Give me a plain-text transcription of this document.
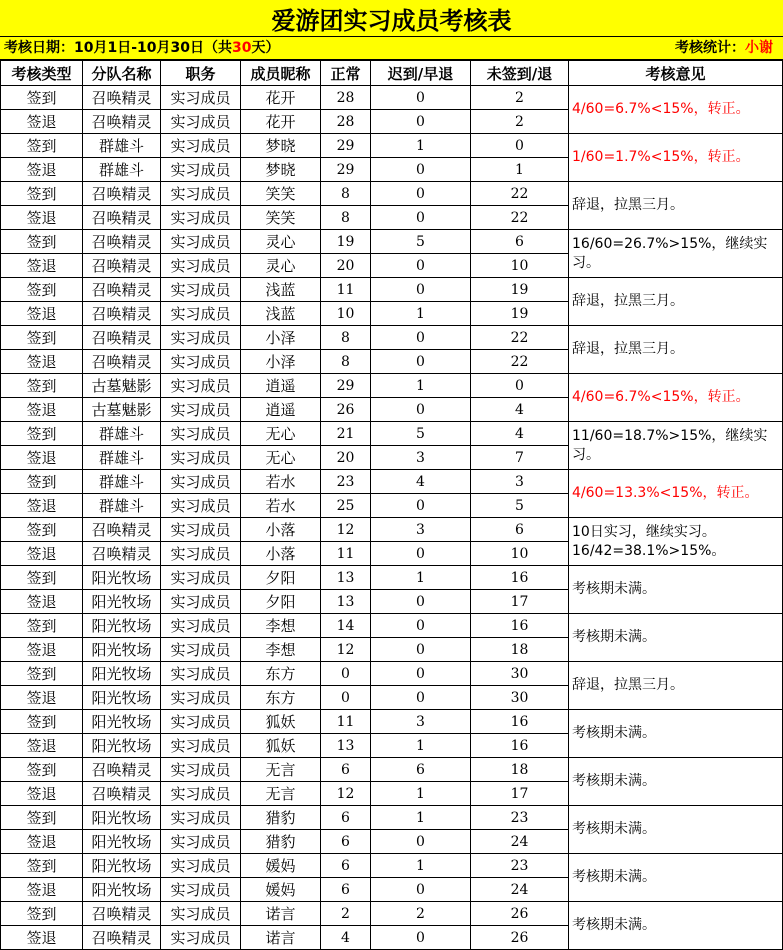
爱游团实习成员考核表
考核日期：10月1日-10月30日（共30天）	考核统计：小谢
考核类型	分队名称	职务	成员昵称	正常	迟到/早退	未签到/退	考核意见
签到	召唤精灵	实习成员	花开	28	0	2	4/60=6.7%<15%，转正。
签退	召唤精灵	实习成员	花开	28	0	2	
签到	群雄斗	实习成员	梦晓	29	1	0	1/60=1.7%<15%，转正。
签退	群雄斗	实习成员	梦晓	29	0	1	
签到	召唤精灵	实习成员	笑笑	8	0	22	辞退，拉黑三月。
签退	召唤精灵	实习成员	笑笑	8	0	22	
签到	召唤精灵	实习成员	灵心	19	5	6	16/60=26.7%>15%，继续实习。
签退	召唤精灵	实习成员	灵心	20	0	10	
签到	召唤精灵	实习成员	浅蓝	11	0	19	辞退，拉黑三月。
签退	召唤精灵	实习成员	浅蓝	10	1	19	
签到	召唤精灵	实习成员	小泽	8	0	22	辞退，拉黑三月。
签退	召唤精灵	实习成员	小泽	8	0	22	
签到	古墓魅影	实习成员	逍遥	29	1	0	4/60=6.7%<15%，转正。
签退	古墓魅影	实习成员	逍遥	26	0	4	
签到	群雄斗	实习成员	无心	21	5	4	11/60=18.7%>15%，继续实习。
签退	群雄斗	实习成员	无心	20	3	7	
签到	群雄斗	实习成员	若水	23	4	3	4/60=13.3%<15%，转正。
签退	群雄斗	实习成员	若水	25	0	5	
签到	召唤精灵	实习成员	小落	12	3	6	10日实习，继续实习。16/42=38.1%>15%。
签退	召唤精灵	实习成员	小落	11	0	10	
签到	阳光牧场	实习成员	夕阳	13	1	16	考核期未满。
签退	阳光牧场	实习成员	夕阳	13	0	17	
签到	阳光牧场	实习成员	李想	14	0	16	考核期未满。
签退	阳光牧场	实习成员	李想	12	0	18	
签到	阳光牧场	实习成员	东方	0	0	30	辞退，拉黑三月。
签退	阳光牧场	实习成员	东方	0	0	30	
签到	阳光牧场	实习成员	狐妖	11	3	16	考核期未满。
签退	阳光牧场	实习成员	狐妖	13	1	16	
签到	召唤精灵	实习成员	无言	6	6	18	考核期未满。
签退	召唤精灵	实习成员	无言	12	1	17	
签到	阳光牧场	实习成员	猎豹	6	1	23	考核期未满。
签退	阳光牧场	实习成员	猎豹	6	0	24	
签到	阳光牧场	实习成员	媛妈	6	1	23	考核期未满。
签退	阳光牧场	实习成员	媛妈	6	0	24	
签到	召唤精灵	实习成员	诺言	2	2	26	考核期未满。
签退	召唤精灵	实习成员	诺言	4	0	26	
